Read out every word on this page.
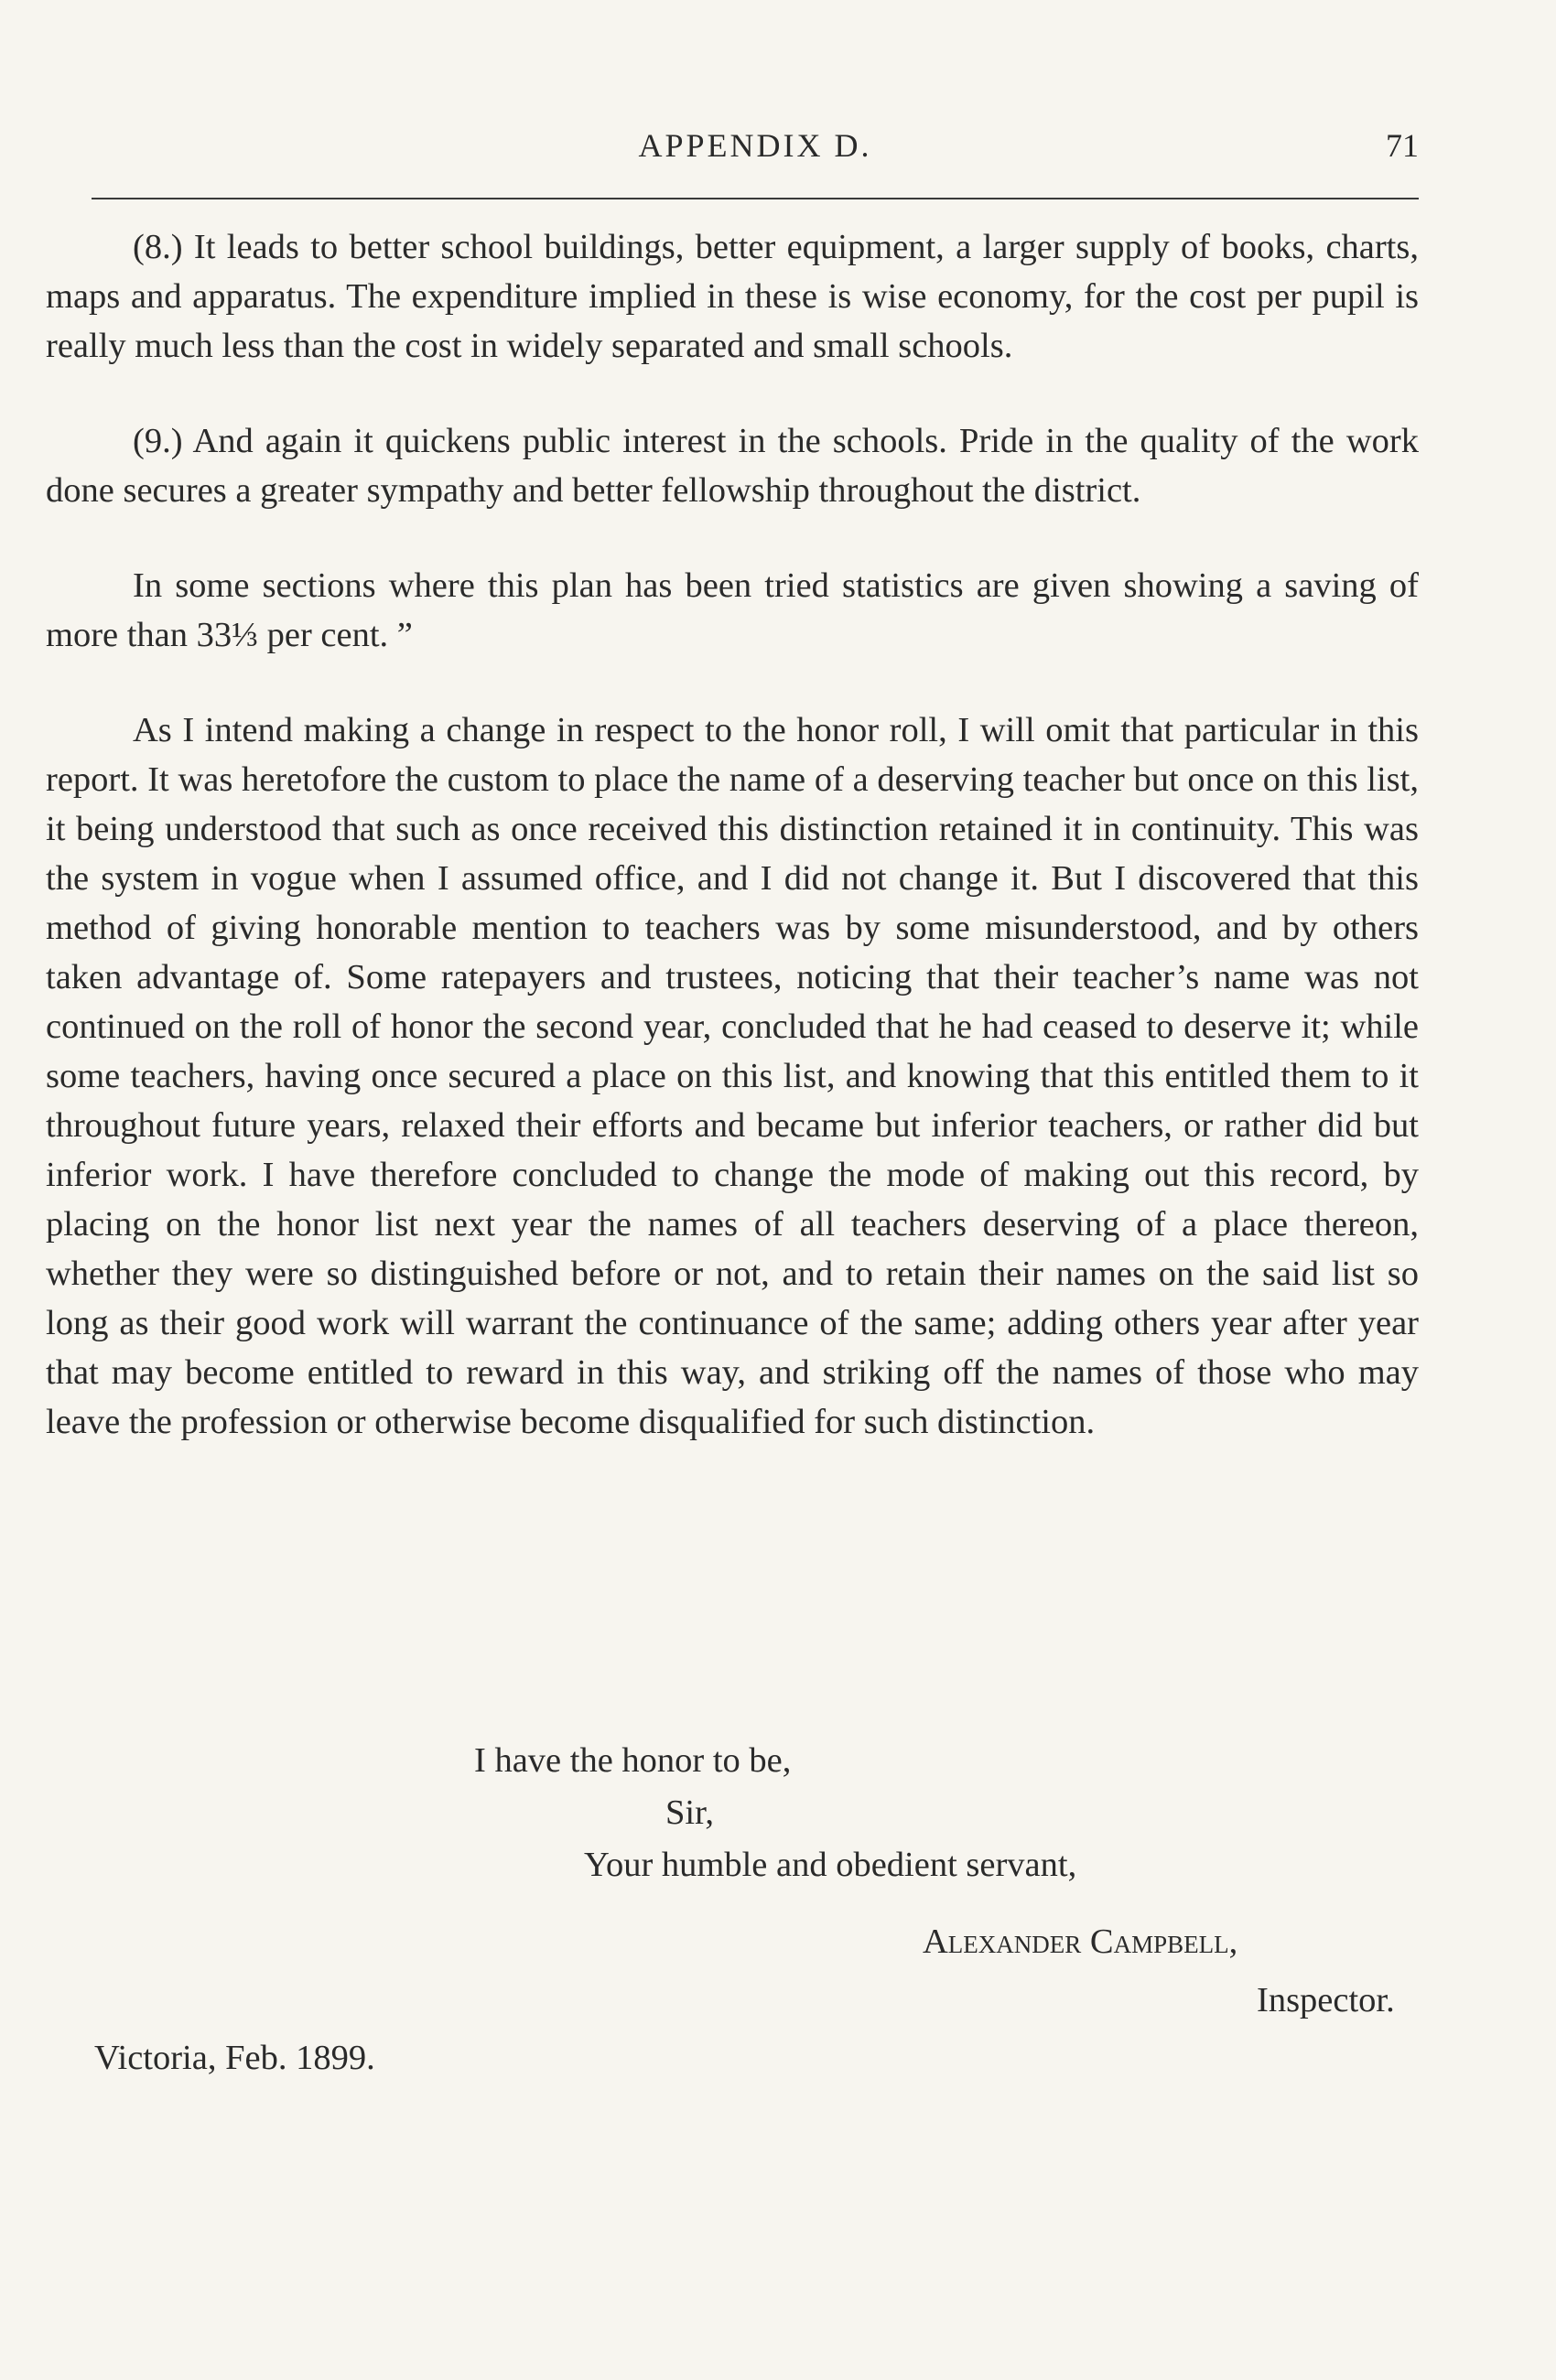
APPENDIX D.	71

(8.) It leads to better school buildings, better equipment, a larger supply of books, charts, maps and apparatus. The expenditure implied in these is wise economy, for the cost per pupil is really much less than the cost in widely separated and small schools.

(9.) And again it quickens public interest in the schools. Pride in the quality of the work done secures a greater sympathy and better fellowship throughout the district.

In some sections where this plan has been tried statistics are given showing a saving of more than 33⅓ per cent. ”

As I intend making a change in respect to the honor roll, I will omit that particular in this report. It was heretofore the custom to place the name of a deserving teacher but once on this list, it being understood that such as once received this distinction retained it in continuity. This was the system in vogue when I assumed office, and I did not change it. But I discovered that this method of giving honorable mention to teachers was by some misunderstood, and by others taken advantage of. Some ratepayers and trustees, noticing that their teacher’s name was not continued on the roll of honor the second year, concluded that he had ceased to deserve it; while some teachers, having once secured a place on this list, and knowing that this entitled them to it throughout future years, relaxed their efforts and became but inferior teachers, or rather did but inferior work. I have therefore concluded to change the mode of making out this record, by placing on the honor list next year the names of all teachers deserving of a place thereon, whether they were so distinguished before or not, and to retain their names on the said list so long as their good work will warrant the continuance of the same; adding others year after year that may become entitled to reward in this way, and striking off the names of those who may leave the profession or otherwise become disqualified for such distinction.

I have the honor to be,
Sir,
Your humble and obedient servant,
Alexander Campbell,
Inspector.
Victoria, Feb. 1899.
